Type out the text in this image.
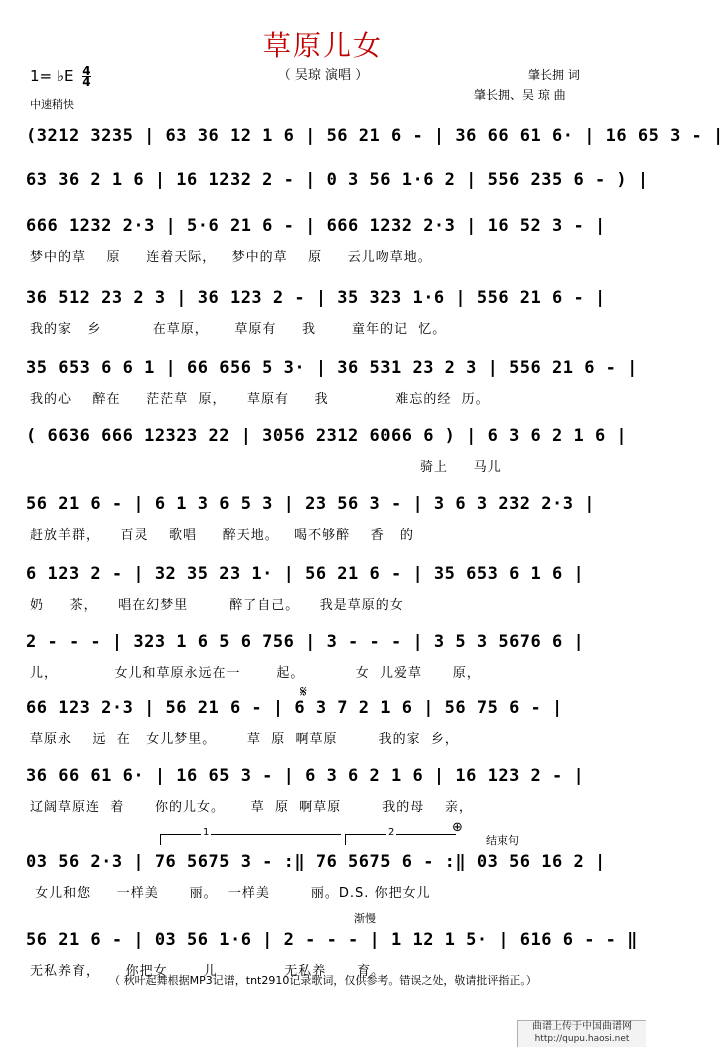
草原儿女
（ 吴琼 演唱 ）
1= ♭E $\frac{4}{4}$
中速稍快
肇长拥 词
肇长拥、吴 琼 曲
(3212 3235 | 63 36 12 1 6 | 56 21 6 - | 36 66 61 6· | 16 65 3 - |
63 36 2 1 6 | 16 1232 2 - | 0 3 56 1·6 2 | 556 235 6 - ) |
666 1232 2·3 | 5·6 21 6 - | 666 1232 2·3 | 16 52 3 - |
梦中的草    原     连着天际，   梦中的草    原     云儿吻草地。
36 512 23 2 3 | 36 123 2 - | 35 323 1·6 | 556 21 6 - |
我的家   乡          在草原，     草原有     我       童年的记  忆。
35 653 6 6 1 | 66 656 5 3· | 36 531 23 2 3 | 556 21 6 - |
我的心    醉在     茫茫草  原，    草原有     我             难忘的经  历。
( 6636 666 12323 22 | 3056 2312 6066 6 ) | 6 3 6 2 1 6 |
骑上     马儿
56 21 6 - | 6 1 3 6 5 3 | 23 56 3 - | 3 6 3 232 2·3 |
赶放羊群，    百灵    歌唱     醉天地。   喝不够醉    香   的
6 123 2 - | 32 35 23 1· | 56 21 6 - | 35 653 6 1 6 |
奶     茶，    唱在幻梦里        醉了自己。    我是草原的女
2 - - - | 323 1 6 5 6 756 | 3 - - - | 3 5 3 5676 6 |
儿，           女儿和草原永远在一       起。          女  儿爱草      原，
66 123 2·3 | 56 21 6 - | 6 3 7 2 1 6 | 56 75 6 - |
草原永    远  在   女儿梦里。      草  原  啊草原        我的家  乡，
36 66 61 6· | 16 65 3 - | 6 3 6 2 1 6 | 16 123 2 - |
辽阔草原连  着      你的儿女。     草  原  啊草原        我的母    亲，
03 56 2·3 | 76 5675 3 - :‖ 76 5675 6 - :‖ 03 56 16 2 |
女儿和您     一样美      丽。  一样美        丽。D.S. 你把女儿
56 21 6 - | 03 56 1·6 | 2 - - - | 1 12 1 5· | 616 6 - - ‖
无私养育，     你把女       儿             无私养      育。
𝄋
⊕
结束句
1	2
渐慢
（ 秋叶起舞根据MP3记谱，tnt2910记录歌词，仅供参考。错误之处，敬请批评指正。）
曲谱上传于中国曲谱网
http://qupu.haosi.net
